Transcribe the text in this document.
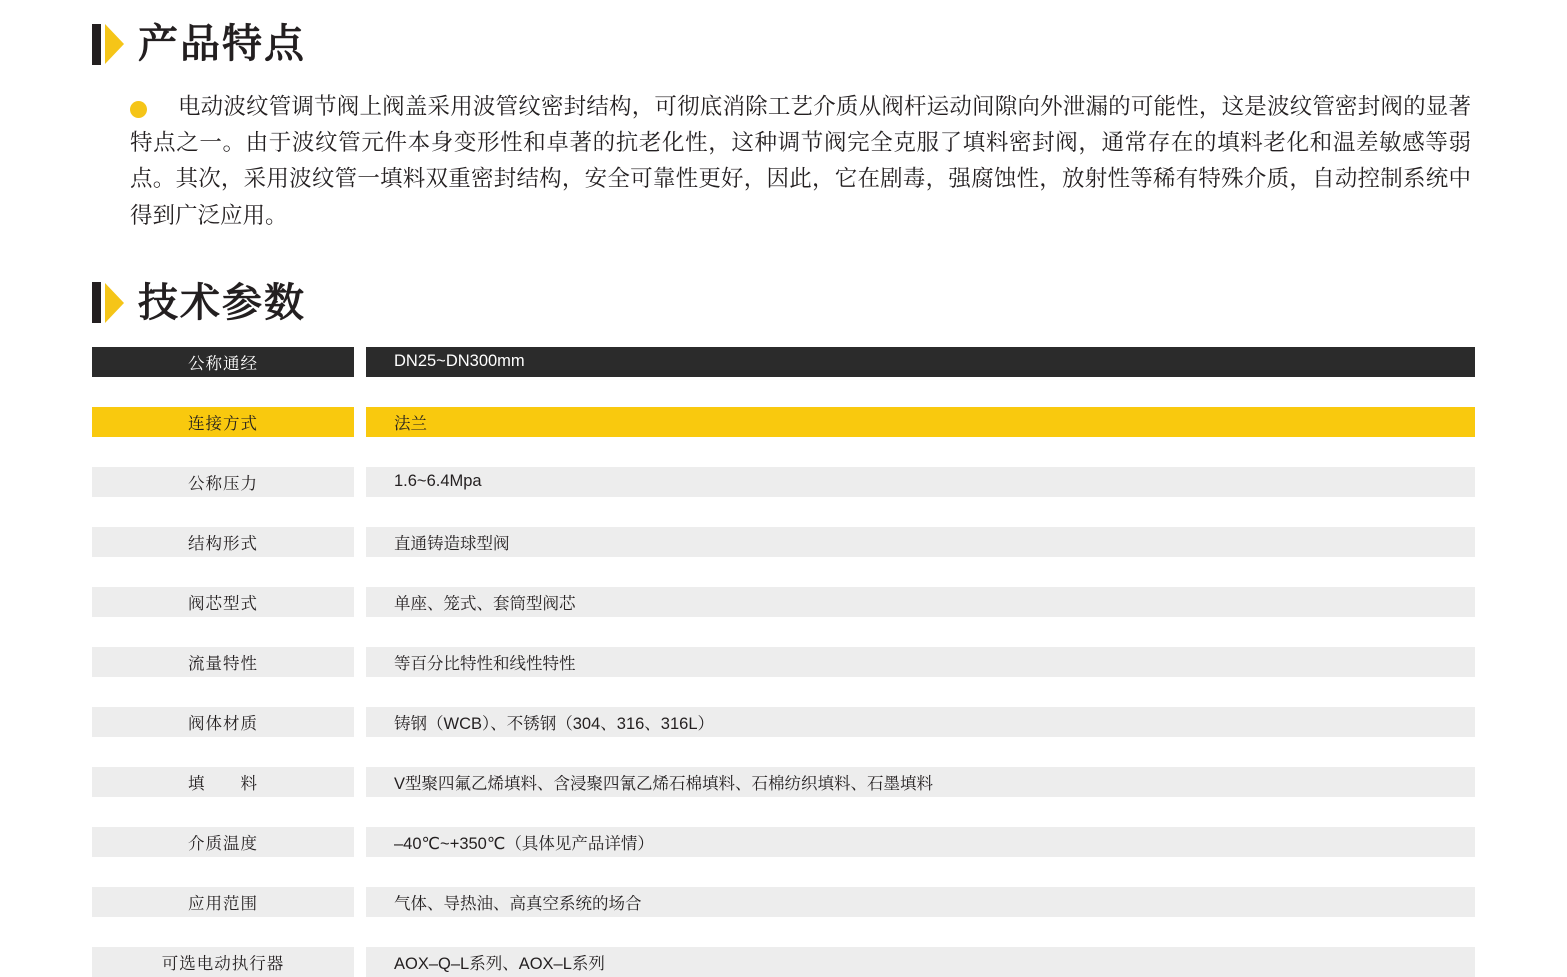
产品特点

电动波纹管调节阀上阀盖采用波管纹密封结构，可彻底消除工艺介质从阀杆运动间隙向外泄漏的可能性，这是波纹管密封阀的显著特点之一。由于波纹管元件本身变形性和卓著的抗老化性，这种调节阀完全克服了填料密封阀，通常存在的填料老化和温差敏感等弱点。其次，采用波纹管一填料双重密封结构，安全可靠性更好，因此，它在剧毒，强腐蚀性，放射性等稀有特殊介质，自动控制系统中得到广泛应用。

技术参数
公称通经		DN25~DN300mm

连接方式		法兰

公称压力		1.6~6.4Mpa

结构形式		直通铸造球型阀

阀芯型式		单座、笼式、套筒型阀芯

流量特性		等百分比特性和线性特性

阀体材质		铸钢（WCB）、不锈钢（304、316、316L）

填　　料		V型聚四氟乙烯填料、含浸聚四氰乙烯石棉填料、石棉纺织填料、石墨填料

介质温度		–40℃~+350℃（具体见产品详情）

应用范围		气体、导热油、高真空系统的场合

可选电动执行器		AOX–Q–L系列、AOX–L系列
